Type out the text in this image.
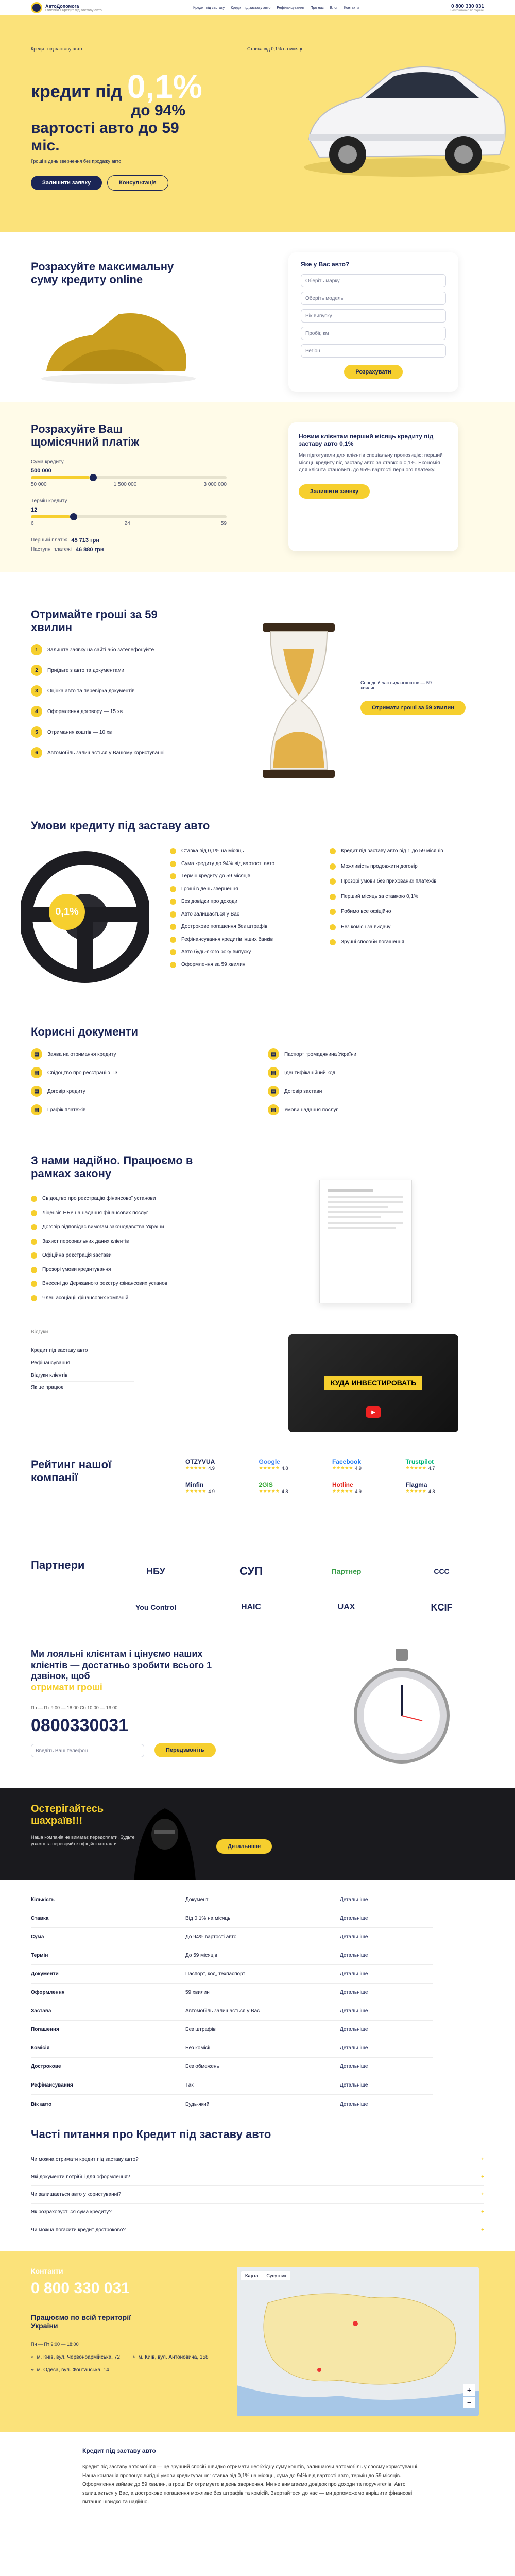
АвтоДопомога
Головна / Кредит під заставу авто
Кредит під заставу Кредит під заставу авто Рефінансування Про нас Блог Контакти	0 800 330 031
Безкоштовно по Україні
Кредит під заставу авто
кредит під 0,1%
до 94%
вартості авто до 59 міс.
Гроші в день звернення без продажу авто
Залишити заявку	Консультація
Ставка від 0,1% на місяць
Розрахуйте максимальну суму кредиту online
Яке у Вас авто?
Оберіть марку
Оберіть модель
Рік випуску
Пробіг, км
Регіон
Розрахувати
Розрахуйте Ваш щомісячний платіж
Сума кредиту
500 000
50 000	1 500 000	3 000 000
Термін кредиту
12
6	24	59
Перший платіж 45 713 грн
Наступні платежі 46 880 грн
Новим клієнтам перший місяць кредиту під заставу авто 0,1%
Ми підготували для клієнтів спеціальну пропозицію: перший місяць кредиту під заставу авто за ставкою 0,1%. Економія для клієнта становить до 95% вартості першого платежу.
Залишити заявку
Отримайте гроші за 59 хвилин
1	Залиште заявку на сайті або зателефонуйте
2	Приїдьте з авто та документами
3	Оцінка авто та перевірка документів
4	Оформлення договору — 15 хв
5	Отримання коштів — 10 хв
6	Автомобіль залишається у Вашому користуванні
Середній час видачі коштів — 59 хвилин
Отримати гроші за 59 хвилин
Умови кредиту під заставу авто
0,1%
Ставка від 0,1% на місяць
Сума кредиту до 94% від вартості авто
Термін кредиту до 59 місяців
Гроші в день звернення
Без довідки про доходи
Авто залишається у Вас
Дострокове погашення без штрафів
Рефінансування кредитів інших банків
Авто будь-якого року випуску
Оформлення за 59 хвилин
Кредит під заставу авто від 1 до 59 місяців
Можливість продовжити договір
Прозорі умови без прихованих платежів
Перший місяць за ставкою 0,1%
Робимо все офіційно
Без комісії за видачу
Зручні способи погашення
Корисні документи
▤	Заява на отримання кредиту	▤	Паспорт громадянина України
▤	Свідоцтво про реєстрацію ТЗ	▤	Ідентифікаційний код
▤	Договір кредиту	▤	Договір застави
▤	Графік платежів	▤	Умови надання послуг
З нами надійно. Працюємо в рамках закону
Свідоцтво про реєстрацію фінансової установи
Ліцензія НБУ на надання фінансових послуг
Договір відповідає вимогам законодавства України
Захист персональних даних клієнтів
Офіційна реєстрація застави
Прозорі умови кредитування
Внесені до Державного реєстру фінансових установ
Член асоціації фінансових компаній
Відгуки
Кредит під заставу авто
Рефінансування
Відгуки клієнтів
Як це працює
КУДА ИНВЕСТИРОВАТЬ
▶
Рейтинг нашої компанії
OTZYVUA
★★★★★ 4.9
Google
★★★★★ 4.8
Facebook
★★★★★ 4.9
Trustpilot
★★★★★ 4.7
Minfin
★★★★★ 4.9
2GIS
★★★★★ 4.8
Hotline
★★★★★ 4.9
Flagma
★★★★★ 4.8
Партнери	НБУ	СУП	Партнер	ССС
You Control	НАІС	UAX	KCIF
Ми лояльні клієнтам і цінуємо наших клієнтів — достатньо зробити всього 1 дзвінок, щоб
отримати гроші
Пн — Пт 9:00 — 18:00 Сб 10:00 — 16:00
0800330031
Введіть Ваш телефон	Передзвоніть
Остерігайтесь шахраїв!!!
Наша компанія не вимагає передоплати. Будьте уважні та перевіряйте офіційні контакти.	Детальніше
Кількість	Документ	Детальніше
Ставка	Від 0,1% на місяць	Детальніше
Сума	До 94% вартості авто	Детальніше
Термін	До 59 місяців	Детальніше
Документи	Паспорт, код, техпаспорт	Детальніше
Оформлення	59 хвилин	Детальніше
Застава	Автомобіль залишається у Вас	Детальніше
Погашення	Без штрафів	Детальніше
Комісія	Без комісії	Детальніше
Дострокове	Без обмежень	Детальніше
Рефінансування	Так	Детальніше
Вік авто	Будь-який	Детальніше
Часті питання про Кредит під заставу авто
Чи можна отримати кредит під заставу авто?	+
Які документи потрібні для оформлення?	+
Чи залишається авто у користуванні?	+
Як розраховується сума кредиту?	+
Чи можна погасити кредит достроково?	+
Контакти
0 800 330 031
Працюємо по всій території України
Пн — Пт 9:00 — 18:00
⌖ м. Київ, вул. Червоноармійська, 72 ⌖ м. Київ, вул. Антоновича, 158
⌖ м. Одеса, вул. Фонтанська, 14
Карта	Супутник
+
−
Кредит під заставу авто
Кредит під заставу автомобіля — це зручний спосіб швидко отримати необхідну суму коштів, залишаючи автомобіль у своєму користуванні. Наша компанія пропонує вигідні умови кредитування: ставка від 0,1% на місяць, сума до 94% від вартості авто, термін до 59 місяців. Оформлення займає до 59 хвилин, а гроші Ви отримуєте в день звернення. Ми не вимагаємо довідок про доходи та поручителів. Авто залишається у Вас, а дострокове погашення можливе без штрафів та комісій. Звертайтеся до нас — ми допоможемо вирішити фінансові питання швидко та надійно.
